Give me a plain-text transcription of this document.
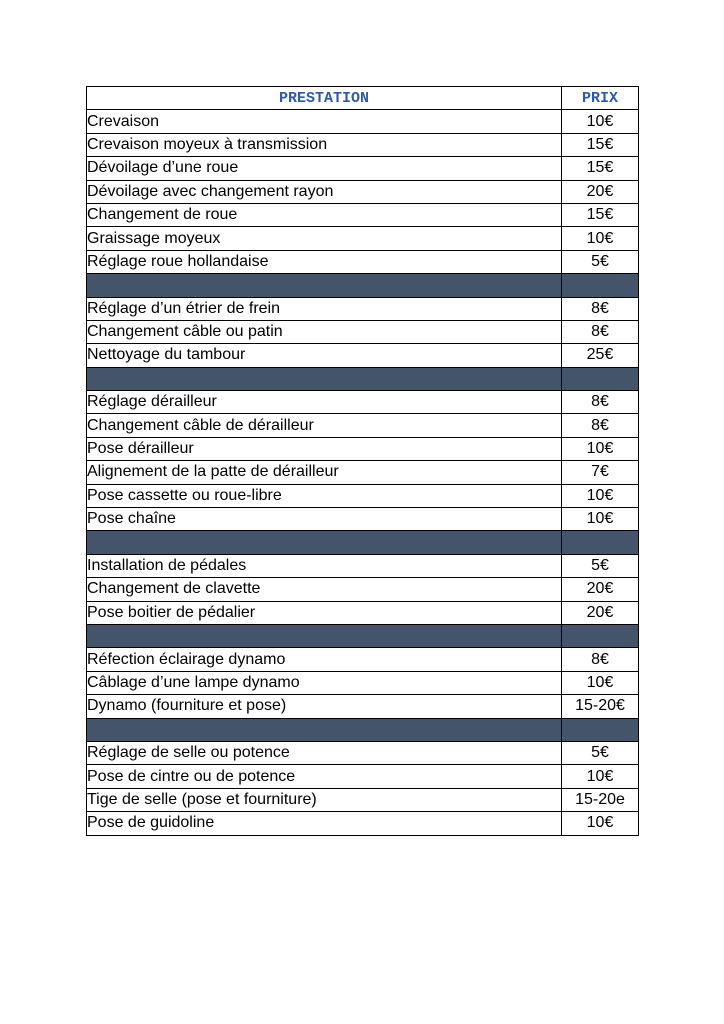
PRESTATION	PRIX
Crevaison	10€
Crevaison moyeux à transmission	15€
Dévoilage d’une roue	15€
Dévoilage avec changement rayon	20€
Changement de roue	15€
Graissage moyeux	10€
Réglage roue hollandaise	5€

Réglage d’un étrier de frein	8€
Changement câble ou patin	8€
Nettoyage du tambour	25€

Réglage dérailleur	8€
Changement câble de dérailleur	8€
Pose dérailleur	10€
Alignement de la patte de dérailleur	7€
Pose cassette ou roue-libre	10€
Pose chaîne	10€

Installation de pédales	5€
Changement de clavette	20€
Pose boitier de pédalier	20€

Réfection éclairage dynamo	8€
Câblage d’une lampe dynamo	10€
Dynamo (fourniture et pose)	15-20€

Réglage de selle ou potence	5€
Pose de cintre ou de potence	10€
Tige de selle (pose et fourniture)	15-20e
Pose de guidoline	10€
